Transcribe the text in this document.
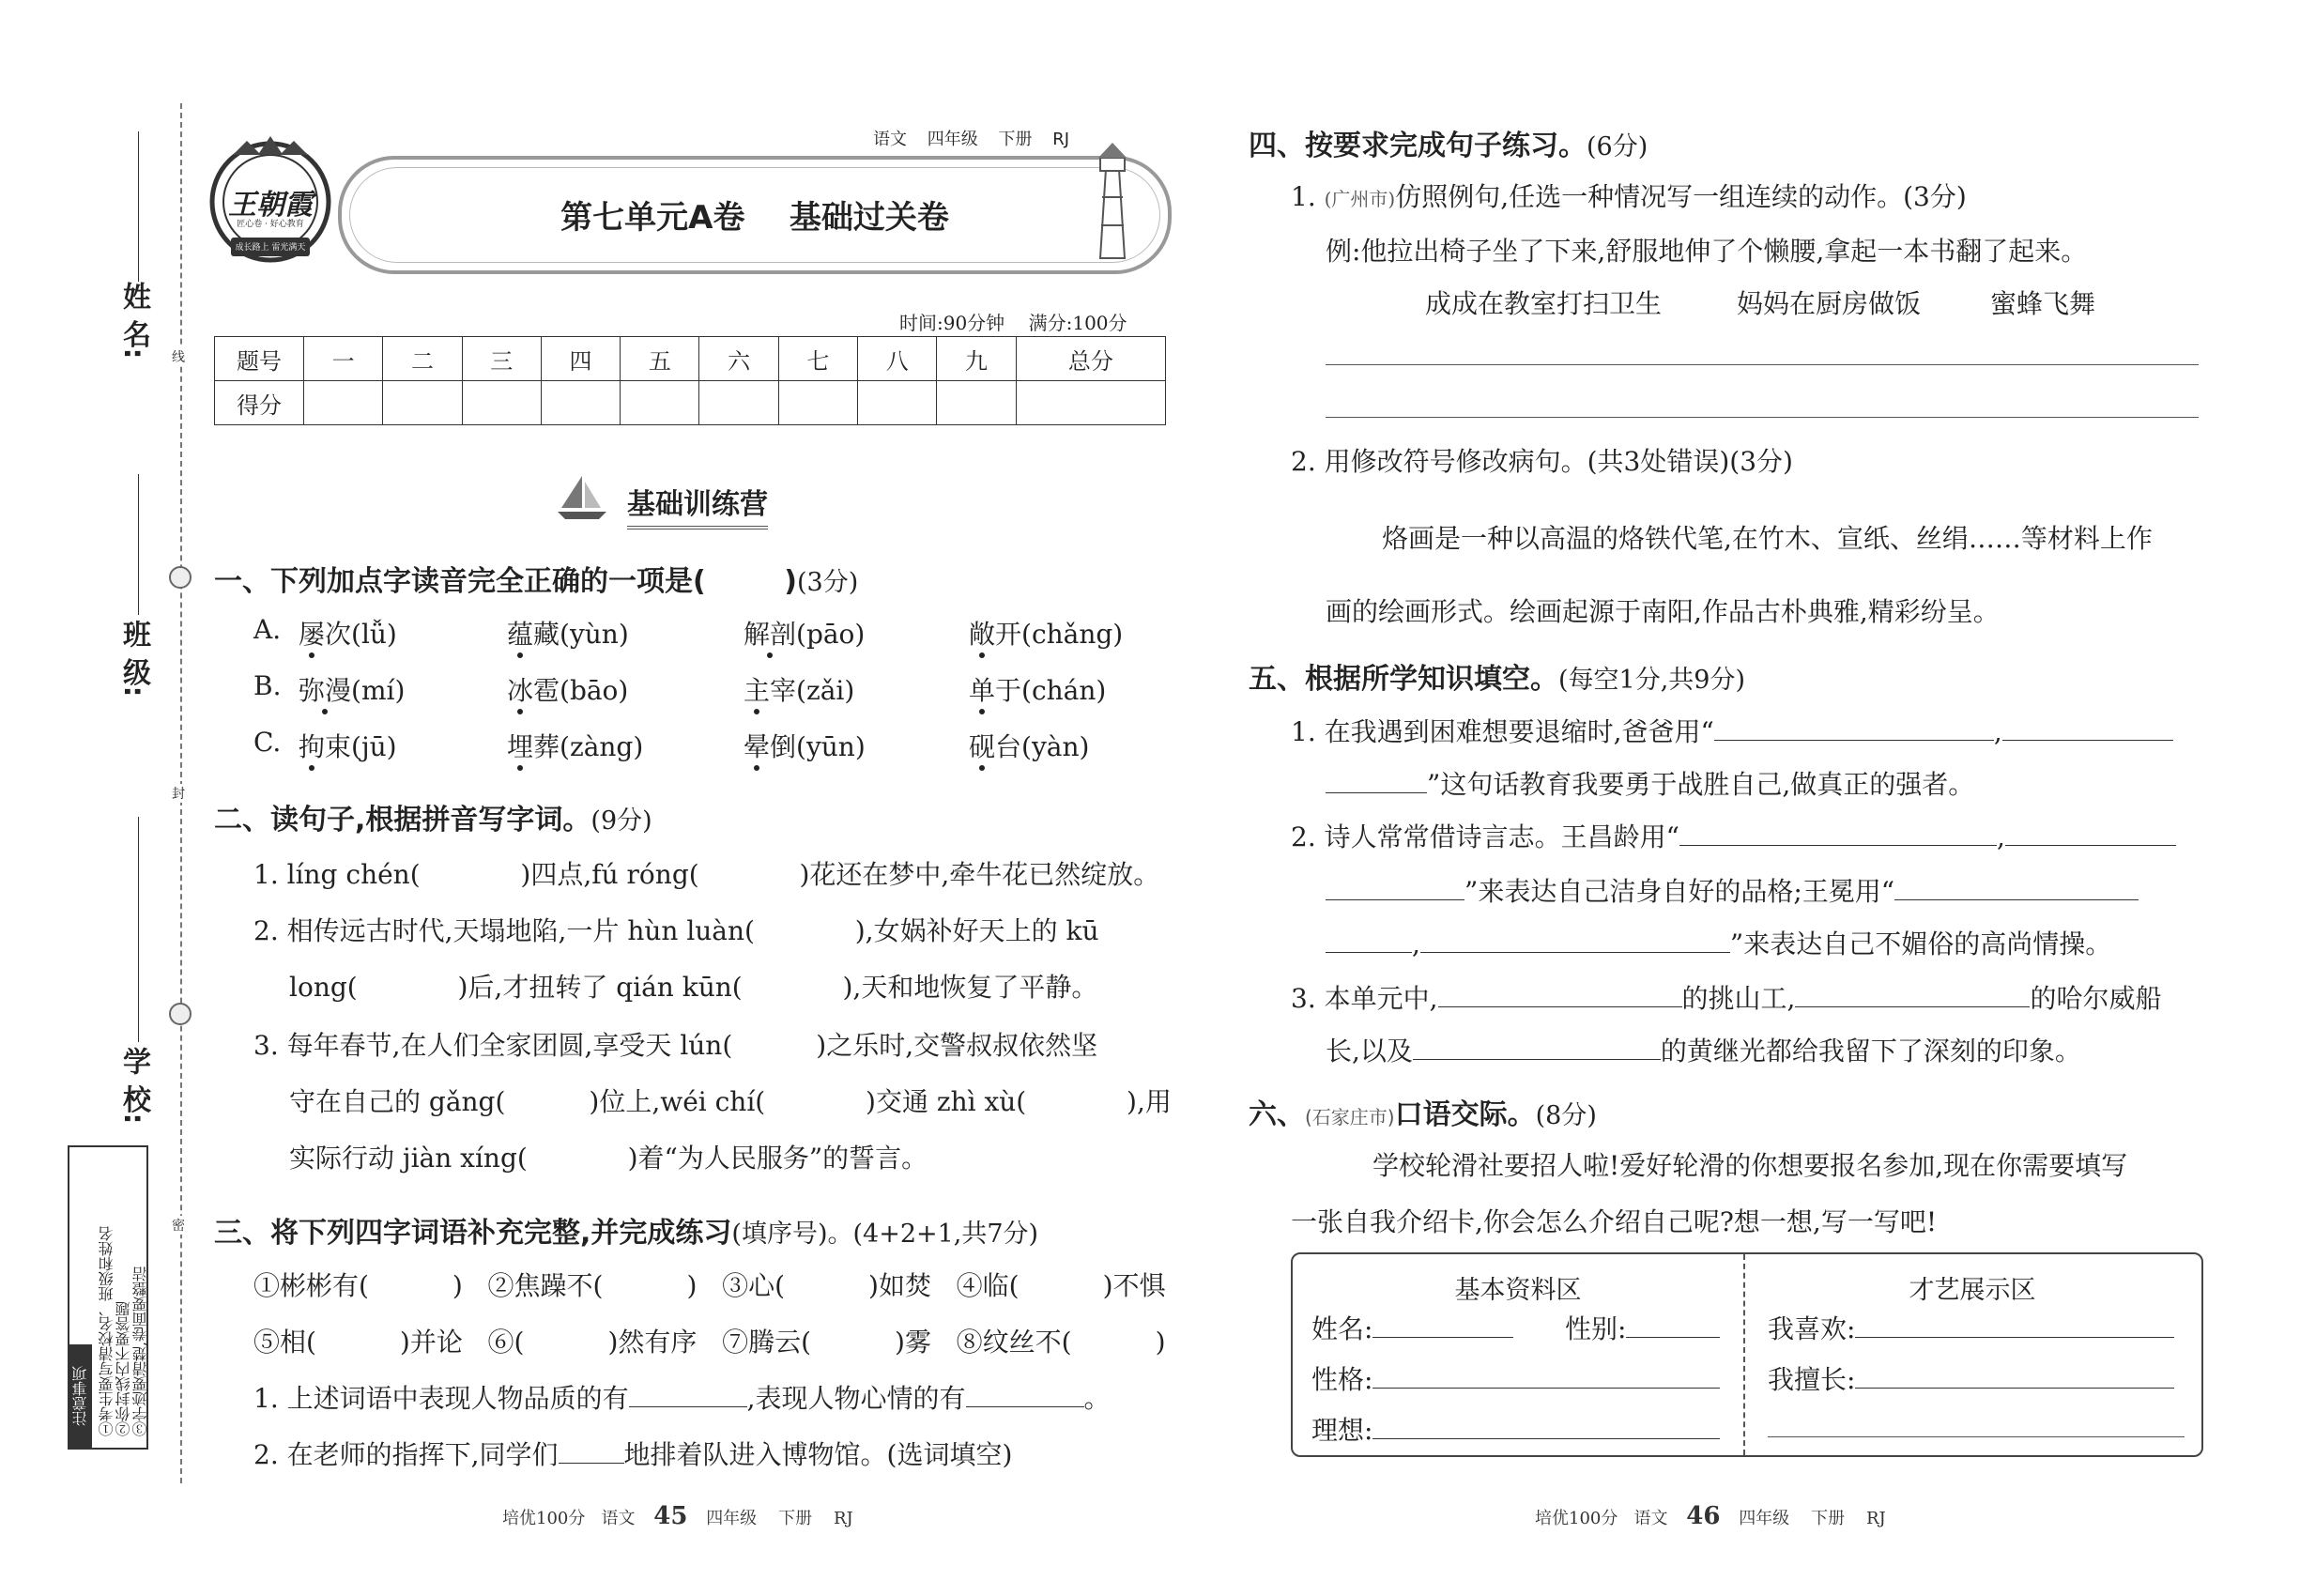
姓 名:
班 级:
学 校:
线
封
密
注意事项 ①考生要写清校名、班级和姓名 ②你封线内不要答题 ③字迹要清楚,卷面要整洁
王朝霞
匠心卷 · 好心教育
成长路上 雷光满天
第七单元A卷    基础过关卷
语文 四年级 下册 RJ
时间:90分钟    满分:100分
题号	一	二	三	四	五	六	七	八	九	总分
得分										
基础训练营
一、下列加点字读音完全正确的一项是(        )(3分)
A. 屡次(lǚ)	蕴藏(yùn)	解剖(pāo)	敞开(chǎng)
B. 弥漫(mí)	冰雹(bāo)	主宰(zǎi)	单于(chán)
C. 拘束(jū)	埋葬(zàng)	晕倒(yūn)	砚台(yàn)
二、读句子,根据拼音写字词。(9分)
1. líng chén(            )四点,fú róng(            )花还在梦中,牵牛花已然绽放。
2. 相传远古时代,天塌地陷,一片 hùn luàn(            ),女娲补好天上的 kū
long(            )后,才扭转了 qián kūn(            ),天和地恢复了平静。
3. 每年春节,在人们全家团圆,享受天 lún(          )之乐时,交警叔叔依然坚
守在自己的 gǎng(          )位上,wéi chí(            )交通 zhì xù(            ),用
实际行动 jiàn xíng(            )着“为人民服务”的誓言。
三、将下列四字词语补充完整,并完成练习(填序号)。(4+2+1,共7分)
①彬彬有(          )   ②焦躁不(          )   ③心(          )如焚   ④临(          )不惧
⑤相(          )并论   ⑥(          )然有序   ⑦腾云(          )雾   ⑧纹丝不(          )
1. 上述词语中表现人物品质的有	,表现人物心情的有	。
2. 在老师的指挥下,同学们	地排着队进入博物馆。(选词填空)
培优100分   语文 45 四年级    下册    RJ
四、按要求完成句子练习。(6分)
1. (广州市)仿照例句,任选一种情况写一组连续的动作。(3分)
例:他拉出椅子坐了下来,舒服地伸了个懒腰,拿起一本书翻了起来。
成成在教室打扫卫生	妈妈在厨房做饭	蜜蜂飞舞
2. 用修改符号修改病句。(共3处错误)(3分)
烙画是一种以高温的烙铁代笔,在竹木、宣纸、丝绢……等材料上作
画的绘画形式。绘画起源于南阳,作品古朴典雅,精彩纷呈。
五、根据所学知识填空。(每空1分,共9分)
1. 在我遇到困难想要退缩时,爸爸用“	,
”这句话教育我要勇于战胜自己,做真正的强者。
2. 诗人常常借诗言志。王昌龄用“	,
”来表达自己洁身自好的品格;王冕用“
,	”来表达自己不媚俗的高尚情操。
3. 本单元中,	的挑山工,	的哈尔威船
长,以及	的黄继光都给我留下了深刻的印象。
六、(石家庄市)口语交际。(8分)
学校轮滑社要招人啦!爱好轮滑的你想要报名参加,现在你需要填写
一张自我介绍卡,你会怎么介绍自己呢?想一想,写一写吧!
基本资料区	才艺展示区
姓名:	性别:
性格:
理想:
我喜欢:
我擅长:
培优100分   语文 46 四年级    下册    RJ
